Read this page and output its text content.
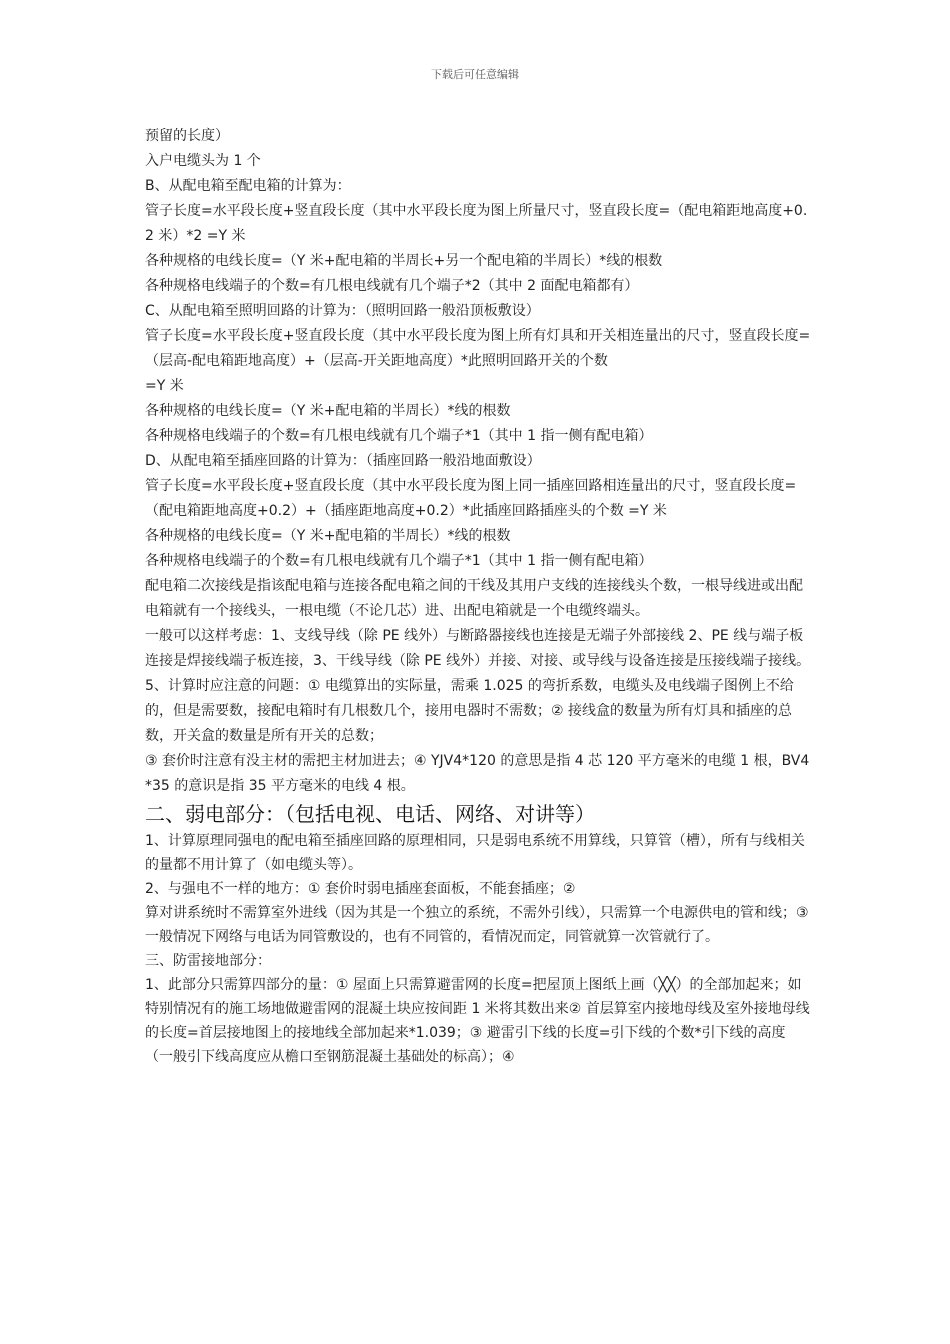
下载后可任意编辑

预留的长度）

入户电缆头为 1 个

B、从配电箱至配电箱的计算为：

管子长度=水平段长度+竖直段长度（其中水平段长度为图上所量尺寸，竖直段长度=（配电箱距地高度+0.2 米）*2 =Y 米

各种规格的电线长度=（Y 米+配电箱的半周长+另一个配电箱的半周长）*线的根数

各种规格电线端子的个数=有几根电线就有几个端子*2（其中 2 面配电箱都有）

C、从配电箱至照明回路的计算为：（照明回路一般沿顶板敷设）

管子长度=水平段长度+竖直段长度（其中水平段长度为图上所有灯具和开关相连量出的尺寸，竖直段长度=（层高-配电箱距地高度）+（层高-开关距地高度）*此照明回路开关的个数

=Y 米

各种规格的电线长度=（Y 米+配电箱的半周长）*线的根数

各种规格电线端子的个数=有几根电线就有几个端子*1（其中 1 指一侧有配电箱）

D、从配电箱至插座回路的计算为：（插座回路一般沿地面敷设）

管子长度=水平段长度+竖直段长度（其中水平段长度为图上同一插座回路相连量出的尺寸，竖直段长度=（配电箱距地高度+0.2）+（插座距地高度+0.2）*此插座回路插座头的个数 =Y 米

各种规格的电线长度=（Y 米+配电箱的半周长）*线的根数

各种规格电线端子的个数=有几根电线就有几个端子*1（其中 1 指一侧有配电箱）

配电箱二次接线是指该配电箱与连接各配电箱之间的干线及其用户支线的连接线头个数，一根导线进或出配电箱就有一个接线头，一根电缆（不论几芯）进、出配电箱就是一个电缆终端头。

一般可以这样考虑：1、支线导线（除 PE 线外）与断路器接线也连接是无端子外部接线 2、PE 线与端子板连接是焊接线端子板连接，3、干线导线（除 PE 线外）并接、对接、或导线与设备连接是压接线端子接线。

5、计算时应注意的问题：① 电缆算出的实际量，需乘 1.025 的弯折系数，电缆头及电线端子图例上不给的，但是需要数，接配电箱时有几根数几个，接用电器时不需数；② 接线盒的数量为所有灯具和插座的总数，开关盒的数量是所有开关的总数；

③ 套价时注意有没主材的需把主材加进去；④ YJV4*120 的意思是指 4 芯 120 平方毫米的电缆 1 根，BV4*35 的意识是指 35 平方毫米的电线 4 根。

二、弱电部分：（包括电视、电话、网络、对讲等）

1、计算原理同强电的配电箱至插座回路的原理相同，只是弱电系统不用算线，只算管（槽），所有与线相关的量都不用计算了（如电缆头等）。

2、与强电不一样的地方：① 套价时弱电插座套面板，不能套插座；②

算对讲系统时不需算室外进线（因为其是一个独立的系统，不需外引线），只需算一个电源供电的管和线；③ 一般情况下网络与电话为同管敷设的，也有不同管的，看情况而定，同管就算一次管就行了。

三、防雷接地部分：

1、此部分只需算四部分的量：① 屋面上只需算避雷网的长度=把屋顶上图纸上画（╳╳）的全部加起来；如特别情况有的施工场地做避雷网的混凝土块应按间距 1 米将其数出来② 首层算室内接地母线及室外接地母线的长度=首层接地图上的接地线全部加起来*1.039；③ 避雷引下线的长度=引下线的个数*引下线的高度（一般引下线高度应从檐口至钢筋混凝土基础处的标高）；④
